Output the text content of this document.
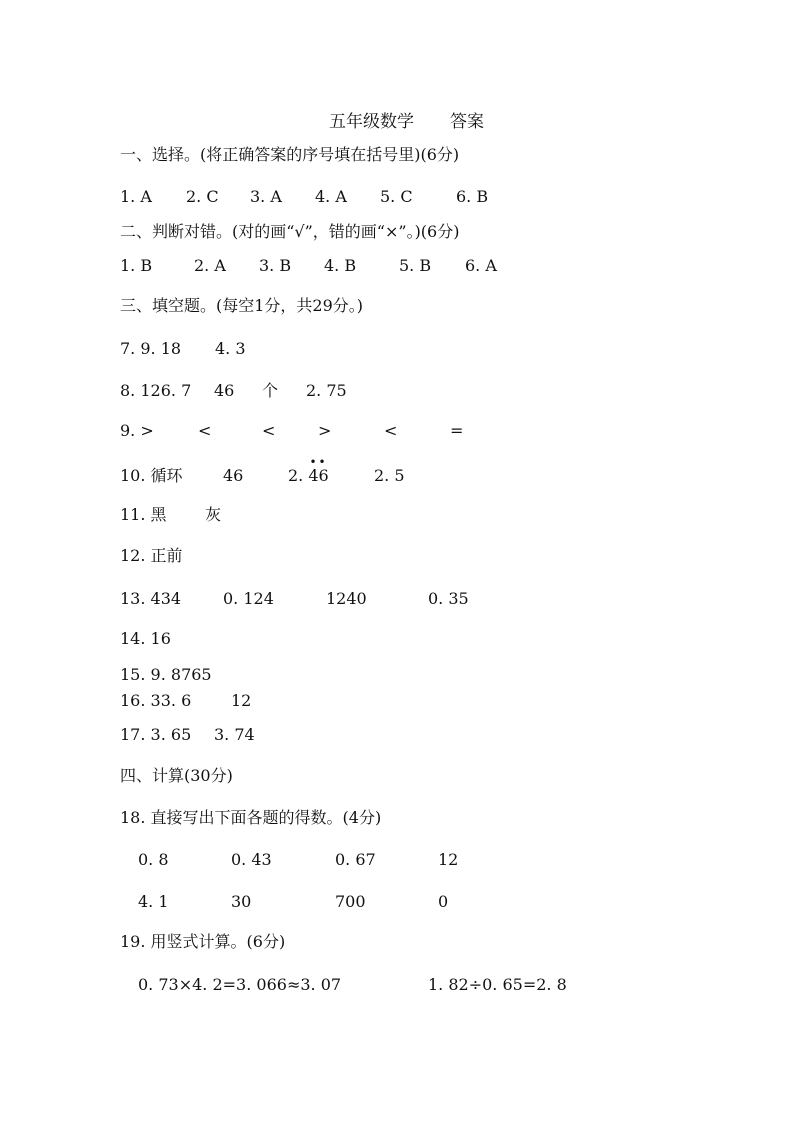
五年级数学 答案
一、选择。(将正确答案的序号填在括号里)(6分)
1. A 2. C 3. A 4. A 5. C	6. B
二、判断对错。(对的画“√”，错的画“×”。)(6分)
1. B	2. A 3. B 4. B	5. B 6. A
三、填空题。(每空1分，共29分。)
7. 9. 18 4. 3
8. 126. 7 46 个 2. 75
9. >	<	<	>	<	=
10. 循环	46	2.
••
46	2. 5
11. 黑 灰
12. 正前
13. 434	0. 124	1240	0. 35
14. 16
15. 9. 8765
16. 33. 6 12
17. 3. 65 3. 74
四、计算(30分)
18. 直接写出下面各题的得数。(4分)
0. 8	0. 43	0. 67	12
4. 1	30	700	0
19. 用竖式计算。(6分)
0. 73×4. 2=3. 066≈3. 07	1. 82÷0. 65=2. 8
